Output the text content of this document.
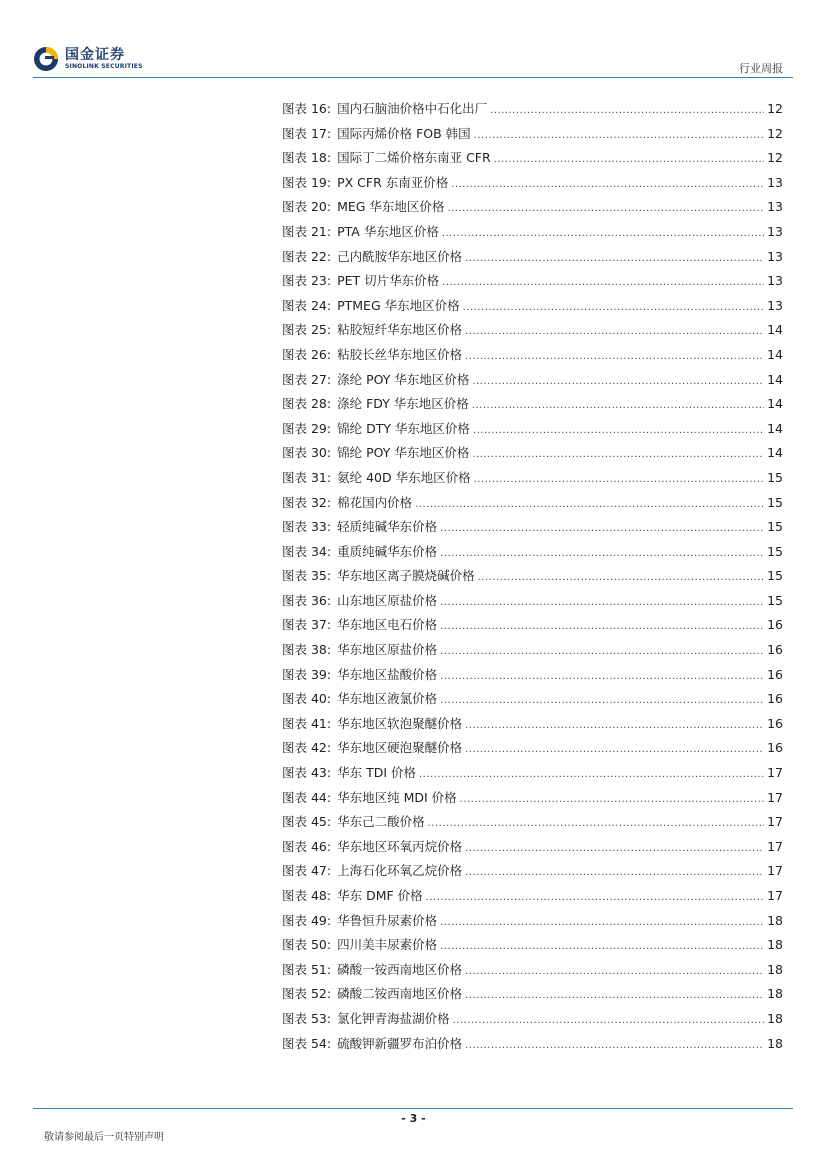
国金证券
SINOLINK SECURITIES	行业周报
图表 16: 国内石脑油价格中石化出厂 .....	12
图表 17: 国际丙烯价格 FOB 韩国 .....	12
图表 18: 国际丁二烯价格东南亚 CFR .....	12
图表 19: PX CFR 东南亚价格 .....	13
图表 20: MEG 华东地区价格 .....	13
图表 21: PTA 华东地区价格 .....	13
图表 22: 己内酰胺华东地区价格 .....	13
图表 23: PET 切片华东价格 .....	13
图表 24: PTMEG 华东地区价格 .....	13
图表 25: 粘胶短纤华东地区价格 .....	14
图表 26: 粘胶长丝华东地区价格 .....	14
图表 27: 涤纶 POY 华东地区价格 .....	14
图表 28: 涤纶 FDY 华东地区价格 .....	14
图表 29: 锦纶 DTY 华东地区价格 .....	14
图表 30: 锦纶 POY 华东地区价格 .....	14
图表 31: 氨纶 40D 华东地区价格 .....	15
图表 32: 棉花国内价格 .....	15
图表 33: 轻质纯碱华东价格 .....	15
图表 34: 重质纯碱华东价格 .....	15
图表 35: 华东地区离子膜烧碱价格 .....	15
图表 36: 山东地区原盐价格 .....	15
图表 37: 华东地区电石价格 .....	16
图表 38: 华东地区原盐价格 .....	16
图表 39: 华东地区盐酸价格 .....	16
图表 40: 华东地区液氯价格 .....	16
图表 41: 华东地区软泡聚醚价格 .....	16
图表 42: 华东地区硬泡聚醚价格 .....	16
图表 43: 华东 TDI 价格 .....	17
图表 44: 华东地区纯 MDI 价格 .....	17
图表 45: 华东己二酸价格 .....	17
图表 46: 华东地区环氧丙烷价格 .....	17
图表 47: 上海石化环氧乙烷价格 .....	17
图表 48: 华东 DMF 价格 .....	17
图表 49: 华鲁恒升尿素价格 .....	18
图表 50: 四川美丰尿素价格 .....	18
图表 51: 磷酸一铵西南地区价格 .....	18
图表 52: 磷酸二铵西南地区价格 .....	18
图表 53: 氯化钾青海盐湖价格 .....	18
图表 54: 硫酸钾新疆罗布泊价格 .....	18
- 3 -
敬请参阅最后一页特别声明
